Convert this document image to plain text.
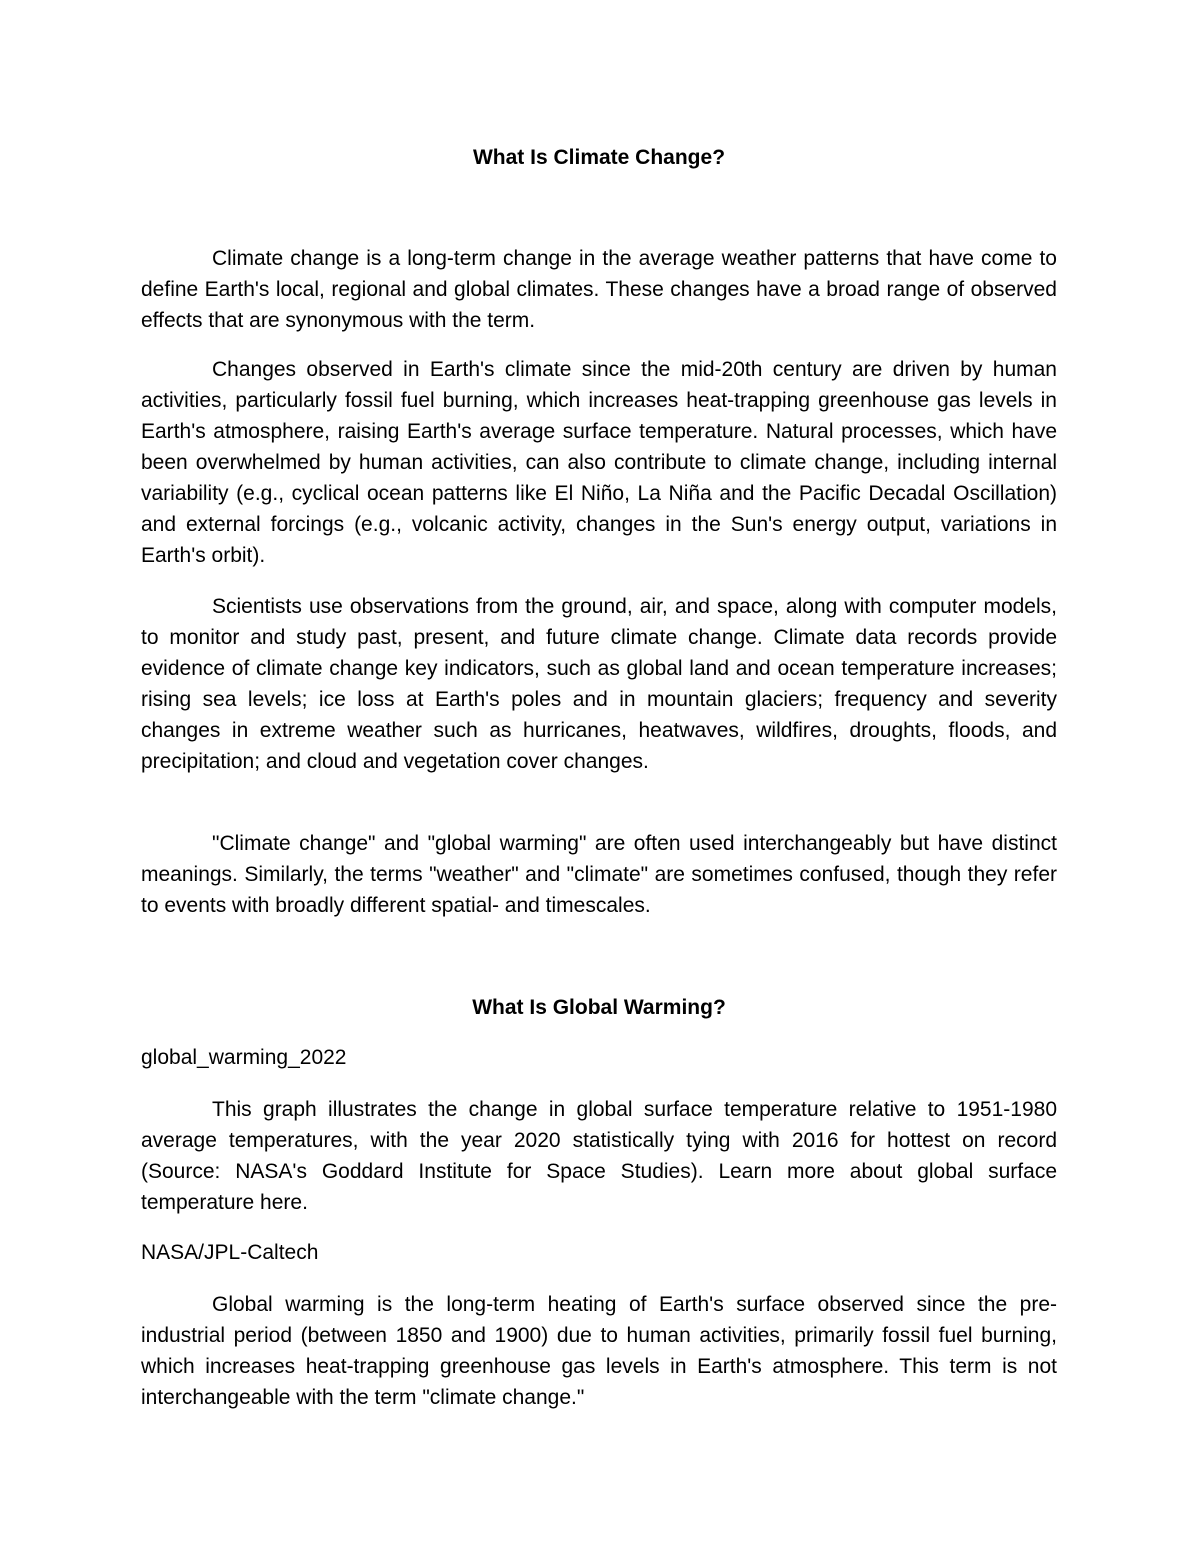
What Is Climate Change?

Climate change is a long-term change in the average weather patterns that have come to define Earth's local, regional and global climates. These changes have a broad range of observed effects that are synonymous with the term.

Changes observed in Earth's climate since the mid-20th century are driven by human activities, particularly fossil fuel burning, which increases heat-trapping greenhouse gas levels in Earth's atmosphere, raising Earth's average surface temperature. Natural processes, which have been overwhelmed by human activities, can also contribute to climate change, including internal variability (e.g., cyclical ocean patterns like El Niño, La Niña and the Pacific Decadal Oscillation) and external forcings (e.g., volcanic activity, changes in the Sun's energy output, variations in Earth's orbit).

Scientists use observations from the ground, air, and space, along with computer models, to monitor and study past, present, and future climate change. Climate data records provide evidence of climate change key indicators, such as global land and ocean temperature increases; rising sea levels; ice loss at Earth's poles and in mountain glaciers; frequency and severity changes in extreme weather such as hurricanes, heatwaves, wildfires, droughts, floods, and precipitation; and cloud and vegetation cover changes.

"Climate change" and "global warming" are often used interchangeably but have distinct meanings. Similarly, the terms "weather" and "climate" are sometimes confused, though they refer to events with broadly different spatial- and timescales.

What Is Global Warming?

global_warming_2022

This graph illustrates the change in global surface temperature relative to 1951-1980 average temperatures, with the year 2020 statistically tying with 2016 for hottest on record (Source: NASA's Goddard Institute for Space Studies). Learn more about global surface temperature here.

NASA/JPL-Caltech

Global warming is the long-term heating of Earth's surface observed since the pre-industrial period (between 1850 and 1900) due to human activities, primarily fossil fuel burning, which increases heat-trapping greenhouse gas levels in Earth's atmosphere. This term is not interchangeable with the term "climate change."
